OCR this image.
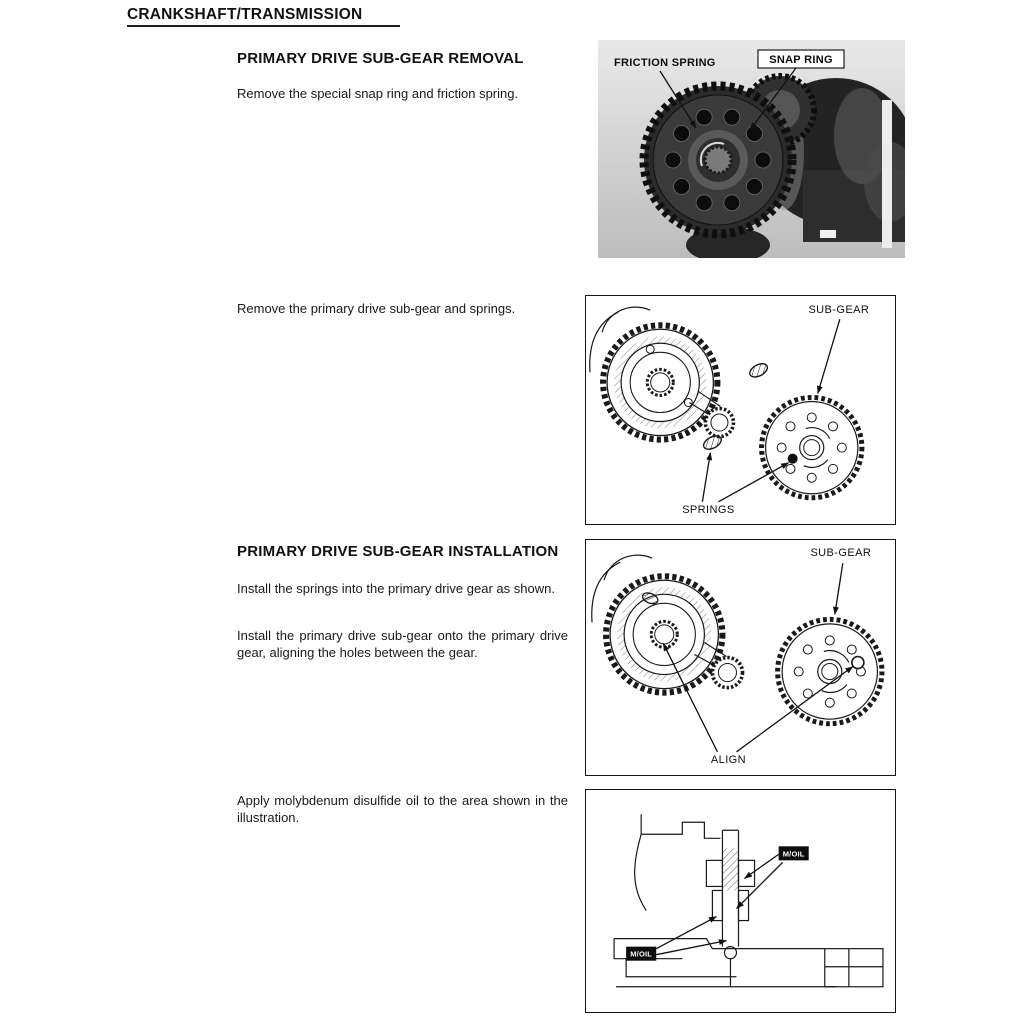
CRANKSHAFT/TRANSMISSION
PRIMARY DRIVE SUB-GEAR REMOVAL
Remove the special snap ring and friction spring.
FRICTION SPRING	SNAP RING
Remove the primary drive sub-gear and springs.	SUB-GEAR
SPRINGS
PRIMARY DRIVE SUB-GEAR INSTALLATION
Install the springs into the primary drive gear as shown.
Install the primary drive sub-gear onto the primary drive gear, aligning the holes between the gear.
SUB-GEAR
ALIGN
Apply molybdenum disulfide oil to the area shown in the illustration.
M/OIL
M/OIL
